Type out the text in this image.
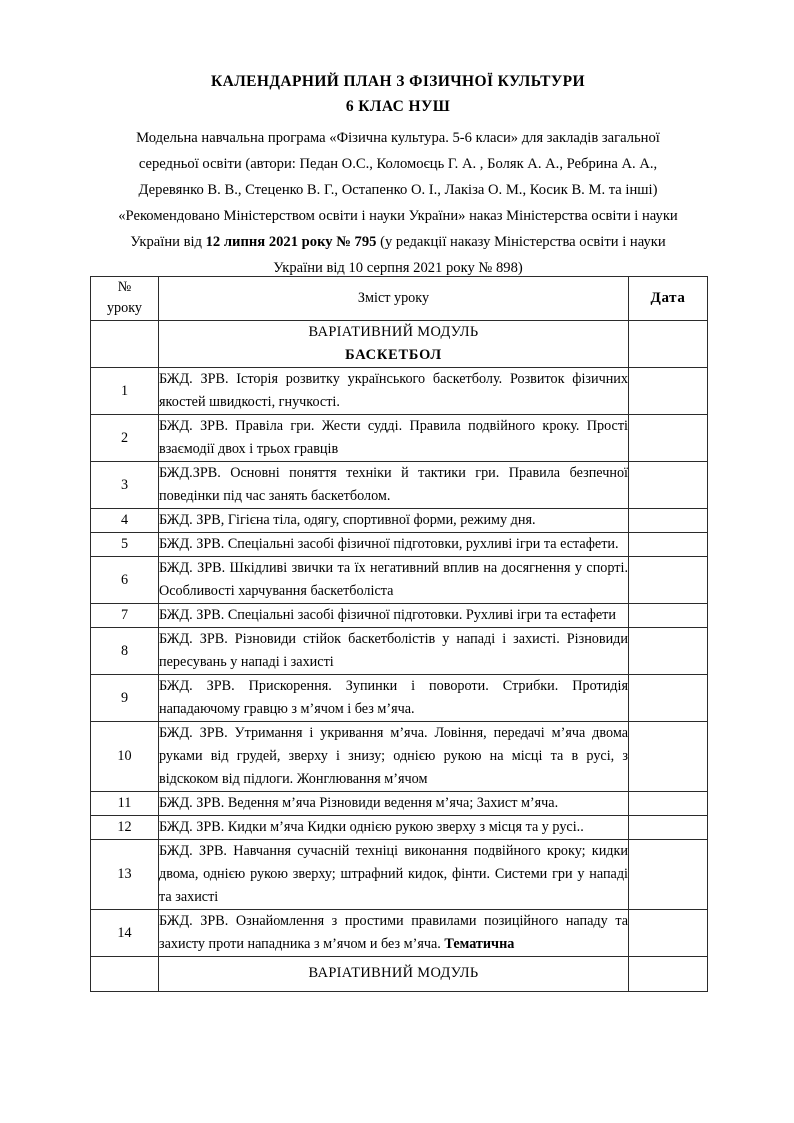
КАЛЕНДАРНИЙ ПЛАН З ФІЗИЧНОЇ КУЛЬТУРИ
6 КЛАС НУШ
Модельна навчальна програма «Фізична культура. 5-6 класи» для закладів загальної
середньої освіти (автори: Педан О.С., Коломоєць Г. А. , Боляк А. А., Ребрина А. А.,
Деревянко В. В., Стеценко В. Г., Остапенко О. І., Лакіза О. М., Косик В. М. та інші)
«Рекомендовано Міністерством освіти і науки України» наказ Міністерства освіти і науки
України від 12 липня 2021 року № 795 (у редакції наказу Міністерства освіти і науки
України від 10 серпня 2021 року № 898)
№
уроку	Зміст уроку	Дата

	ВАРІАТИВНИЙ МОДУЛЬ
БАСКЕТБОЛ	

1	БЖД. ЗРВ. Історія розвитку українського баскетболу. Розвиток фізичних якостей швидкості, гнучкості.	
2	БЖД. ЗРВ. Правіла гри. Жести судді. Правила подвійного кроку. Прості взаємодії двох і трьох гравців	
3	БЖД.ЗРВ. Основні поняття техніки й тактики гри. Правила безпечної поведінки під час занять баскетболом.	
4	БЖД. ЗРВ, Гігієна тіла, одягу, спортивної форми, режиму дня.	
5	БЖД. ЗРВ. Спеціальні засобі фізичної підготовки, рухливі ігри та естафети.	
6	БЖД. ЗРВ. Шкідливі звички та їх негативний вплив на досягнення у спорті. Особливості харчування баскетболіста	
7	БЖД. ЗРВ. Спеціальні засобі фізичної підготовки. Рухливі ігри та естафети	
8	БЖД. ЗРВ. Різновиди стійок баскетболістів у нападі і захисті. Різновиди пересувань у нападі і захисті	
9	БЖД. ЗРВ. Прискорення. Зупинки і повороти. Стрибки. Протидія нападаючому гравцю з м’ячом і без м’яча.	
10	БЖД. ЗРВ. Утримання і укривання м’яча. Ловіння, передачі м’яча двома руками від грудей, зверху і знизу; однією рукою на місці та в русі, з відскоком від підлоги. Жонглювання м’ячом	
11	БЖД. ЗРВ. Ведення м’яча Різновиди ведення м’яча; Захист м’яча.	
12	БЖД. ЗРВ. Кидки м’яча Кидки однією рукою зверху з місця та у русі..	
13	БЖД. ЗРВ. Навчання сучасній техніці виконання подвійного кроку; кидки двома, однією рукою зверху; штрафний кидок, фінти. Системи гри у нападі та захисті	
14	БЖД. ЗРВ. Ознайомлення з простими правилами позиційного нападу та захисту проти нападника з м’ячом и без м’яча. Тематична	
	ВАРІАТИВНИЙ МОДУЛЬ	
